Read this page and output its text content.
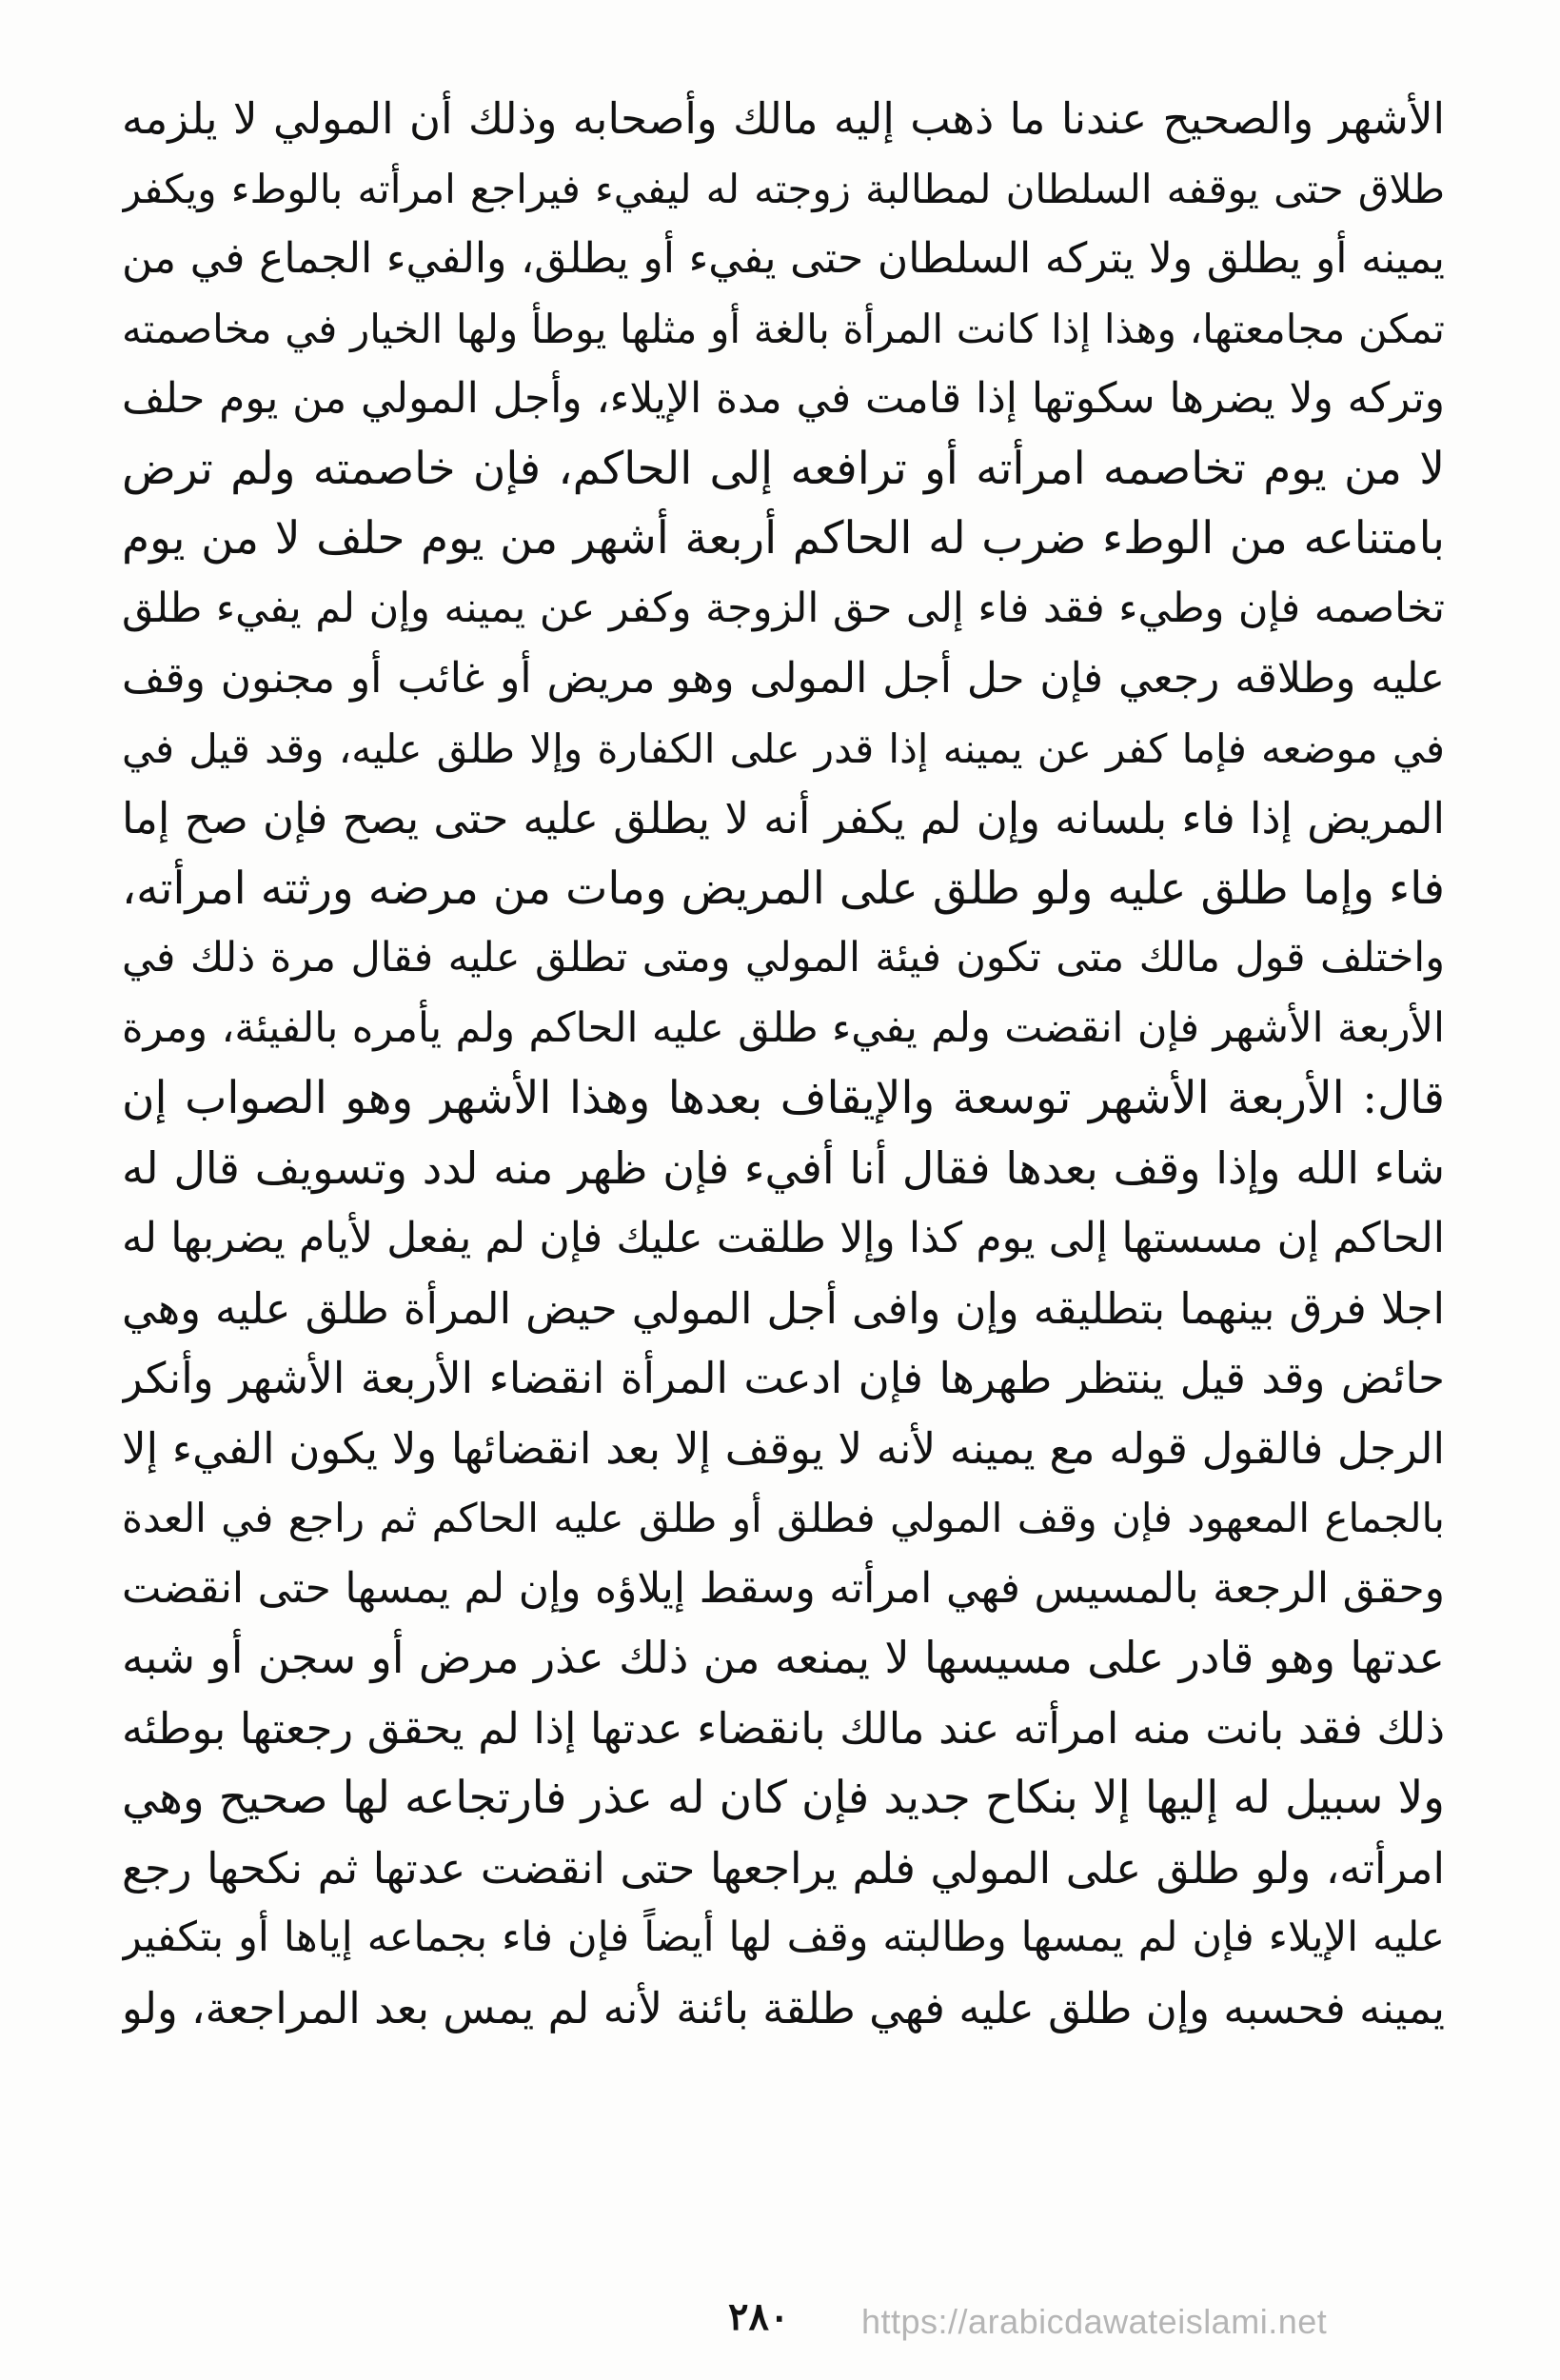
الأشهر والصحيح عندنا ما ذهب إليه مالك وأصحابه وذلك أن المولي لا يلزمه
طلاق حتى يوقفه السلطان لمطالبة زوجته له ليفيء فيراجع امرأته بالوطء ويكفر
يمينه أو يطلق ولا يتركه السلطان حتى يفيء أو يطلق، والفيء الجماع في من
تمكن مجامعتها، وهذا إذا كانت المرأة بالغة أو مثلها يوطأ ولها الخيار في مخاصمته
وتركه ولا يضرها سكوتها إذا قامت في مدة الإيلاء، وأجل المولي من يوم حلف
لا من يوم تخاصمه امرأته أو ترافعه إلى الحاكم، فإن خاصمته ولم ترض
بامتناعه من الوطء ضرب له الحاكم أربعة أشهر من يوم حلف لا من يوم
تخاصمه فإن وطيء فقد فاء إلى حق الزوجة وكفر عن يمينه وإن لم يفيء طلق
عليه وطلاقه رجعي فإن حل أجل المولى وهو مريض أو غائب أو مجنون وقف
في موضعه فإما كفر عن يمينه إذا قدر على الكفارة وإلا طلق عليه، وقد قيل في
المريض إذا فاء بلسانه وإن لم يكفر أنه لا يطلق عليه حتى يصح فإن صح إما
فاء وإما طلق عليه ولو طلق على المريض ومات من مرضه ورثته امرأته،
واختلف قول مالك متى تكون فيئة المولي ومتى تطلق عليه فقال مرة ذلك في
الأربعة الأشهر فإن انقضت ولم يفيء طلق عليه الحاكم ولم يأمره بالفيئة، ومرة
قال: الأربعة الأشهر توسعة والإيقاف بعدها وهذا الأشهر وهو الصواب إن
شاء الله وإذا وقف بعدها فقال أنا أفيء فإن ظهر منه لدد وتسويف قال له
الحاكم إن مسستها إلى يوم كذا وإلا طلقت عليك فإن لم يفعل لأيام يضربها له
اجلا فرق بينهما بتطليقه وإن وافى أجل المولي حيض المرأة طلق عليه وهي
حائض وقد قيل ينتظر طهرها فإن ادعت المرأة انقضاء الأربعة الأشهر وأنكر
الرجل فالقول قوله مع يمينه لأنه لا يوقف إلا بعد انقضائها ولا يكون الفيء إلا
بالجماع المعهود فإن وقف المولي فطلق أو طلق عليه الحاكم ثم راجع في العدة
وحقق الرجعة بالمسيس فهي امرأته وسقط إيلاؤه وإن لم يمسها حتى انقضت
عدتها وهو قادر على مسيسها لا يمنعه من ذلك عذر مرض أو سجن أو شبه
ذلك فقد بانت منه امرأته عند مالك بانقضاء عدتها إذا لم يحقق رجعتها بوطئه
ولا سبيل له إليها إلا بنكاح جديد فإن كان له عذر فارتجاعه لها صحيح وهي
امرأته، ولو طلق على المولي فلم يراجعها حتى انقضت عدتها ثم نكحها رجع
عليه الإيلاء فإن لم يمسها وطالبته وقف لها أيضاً فإن فاء بجماعه إياها أو بتكفير
يمينه فحسبه وإن طلق عليه فهي طلقة بائنة لأنه لم يمس بعد المراجعة، ولو
٢٨٠ https://arabicdawateislami.net
